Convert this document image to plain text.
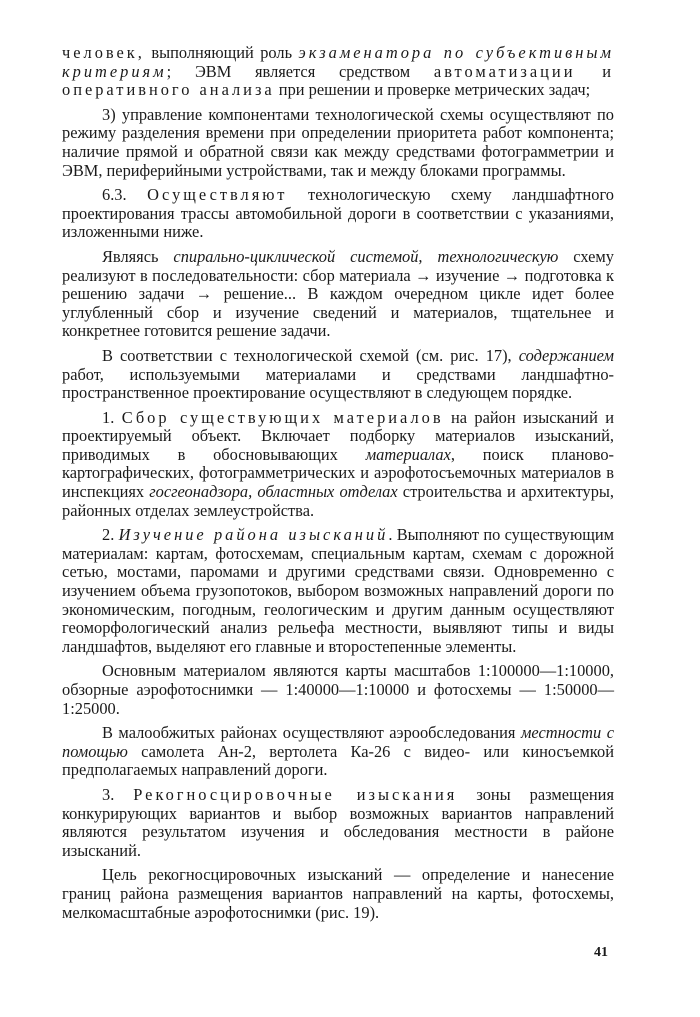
человек, выполняющий роль экзаменатора по субъективным критериям; ЭВМ является средством автоматизации и оперативного анализа при решении и проверке метрических задач;

3) управление компонентами технологической схемы осуществляют по режиму разделения времени при определении приоритета работ компонента; наличие прямой и обратной связи как между средствами фотограмметрии и ЭВМ, периферийными устройствами, так и между блоками программы.

6.3. Осуществляют технологическую схему ландшафтного проектирования трассы автомобильной дороги в соответствии с указаниями, изложенными ниже.

Являясь спирально-циклической системой, технологическую схему реализуют в последовательности: сбор материала → изучение → подготовка к решению задачи → решение... В каждом очередном цикле идет более углубленный сбор и изучение сведений и материалов, тщательнее и конкретнее готовится решение задачи.

В соответствии с технологической схемой (см. рис. 17), содержанием работ, используемыми материалами и средствами ландшафтно-пространственное проектирование осуществляют в следующем порядке.

1. Сбор существующих материалов на район изысканий и проектируемый объект. Включает подборку материалов изысканий, приводимых в обосновывающих материалах, поиск планово-картографических, фотограмметрических и аэрофотосъемочных материалов в инспекциях госгеонадзора, областных отделах строительства и архитектуры, районных отделах землеустройства.

2. Изучение района изысканий. Выполняют по существующим материалам: картам, фотосхемам, специальным картам, схемам с дорожной сетью, мостами, паромами и другими средствами связи. Одновременно с изучением объема грузопотоков, выбором возможных направлений дороги по экономическим, погодным, геологическим и другим данным осуществляют геоморфологический анализ рельефа местности, выявляют типы и виды ландшафтов, выделяют его главные и второстепенные элементы.

Основным материалом являются карты масштабов 1:100000—1:10000, обзорные аэрофотоснимки — 1:40000—1:10000 и фотосхемы — 1:50000—1:25000.

В малообжитых районах осуществляют аэрообследования местности с помощью самолета Ан-2, вертолета Ка-26 с видео- или киносъемкой предполагаемых направлений дороги.

3. Рекогносцировочные изыскания зоны размещения конкурирующих вариантов и выбор возможных вариантов направлений являются результатом изучения и обследования местности в районе изысканий.

Цель рекогносцировочных изысканий — определение и нанесение границ района размещения вариантов направлений на карты, фотосхемы, мелкомасштабные аэрофотоснимки (рис. 19).

41
